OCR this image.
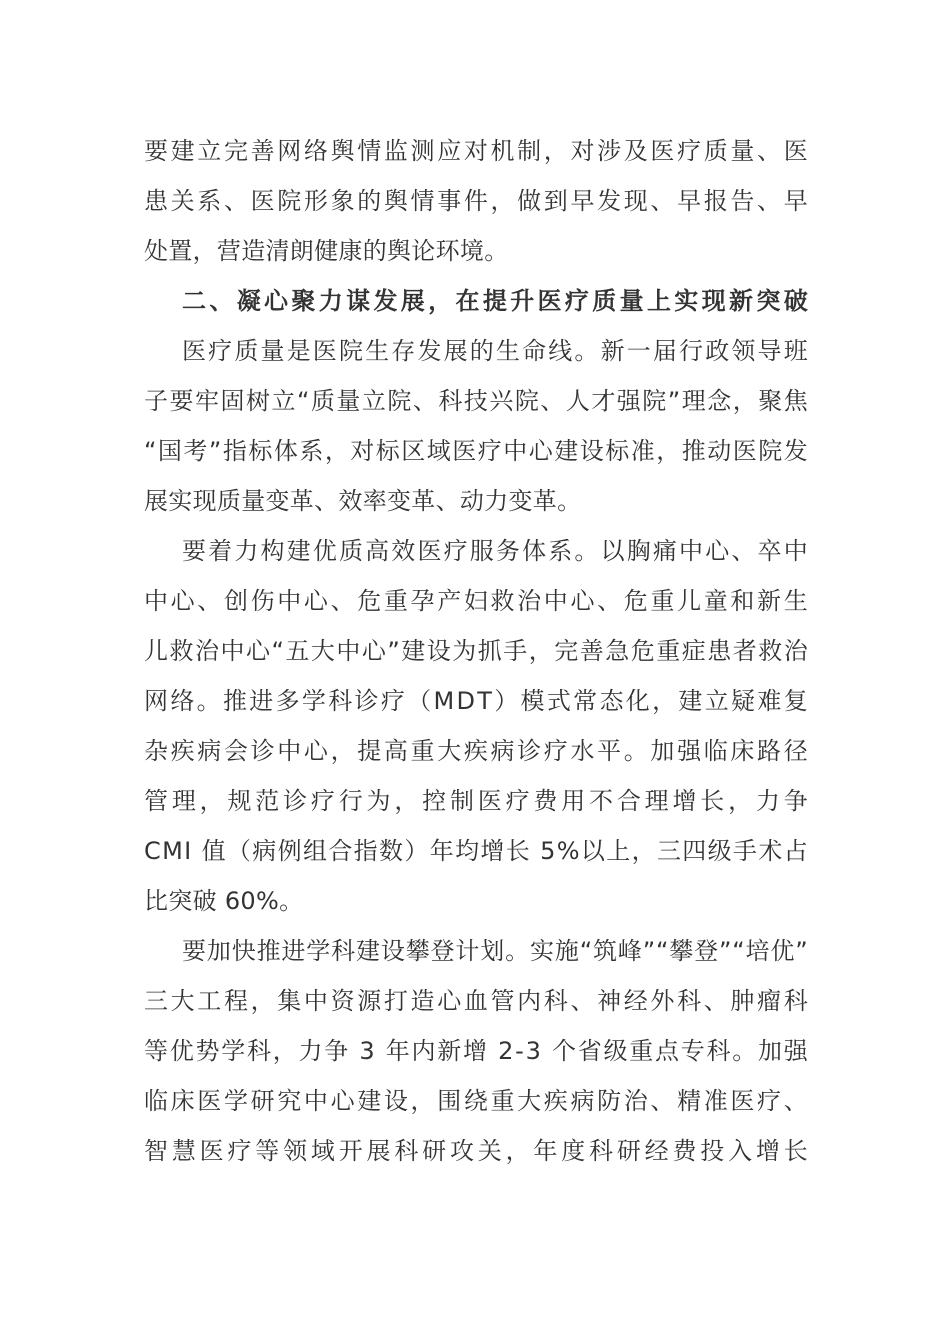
要建立完善网络舆情监测应对机制，对涉及医疗质量、医
患关系、医院形象的舆情事件，做到早发现、早报告、早
处置，营造清朗健康的舆论环境。
二、凝心聚力谋发展，在提升医疗质量上实现新突破
医疗质量是医院生存发展的生命线。新一届行政领导班
子要牢固树立“质量立院、科技兴院、人才强院”理念，聚焦
“国考”指标体系，对标区域医疗中心建设标准，推动医院发
展实现质量变革、效率变革、动力变革。
要着力构建优质高效医疗服务体系。以胸痛中心、卒中
中心、创伤中心、危重孕产妇救治中心、危重儿童和新生
儿救治中心“五大中心”建设为抓手，完善急危重症患者救治
网络。推进多学科诊疗（MDT）模式常态化，建立疑难复
杂疾病会诊中心，提高重大疾病诊疗水平。加强临床路径
管理，规范诊疗行为，控制医疗费用不合理增长，力争
CMI 值（病例组合指数）年均增长 5%以上，三四级手术占
比突破 60%。
要加快推进学科建设攀登计划。实施“筑峰”“攀登”“培优”
三大工程，集中资源打造心血管内科、神经外科、肿瘤科
等优势学科，力争 3 年内新增 2-3 个省级重点专科。加强
临床医学研究中心建设，围绕重大疾病防治、精准医疗、
智慧医疗等领域开展科研攻关，年度科研经费投入增长
